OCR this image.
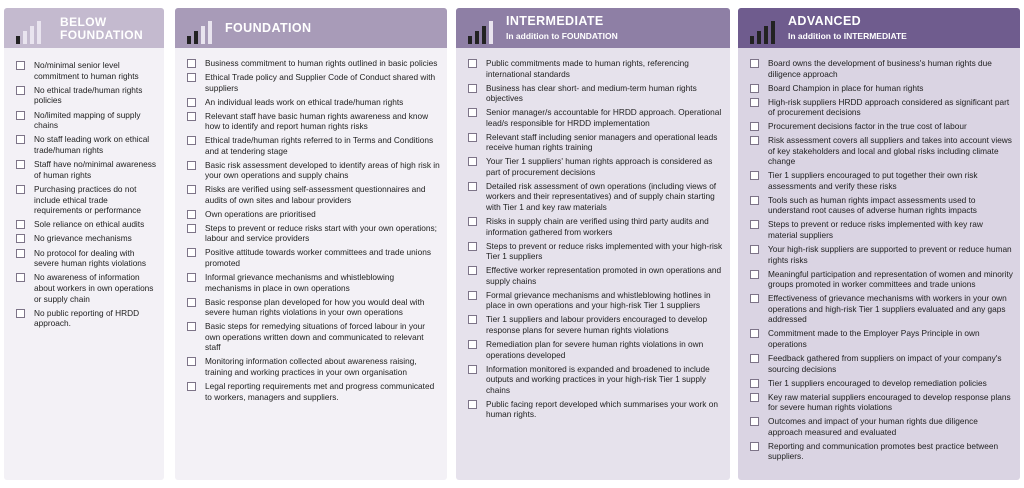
BELOW FOUNDATION
No/minimal senior level commitment to human rights
No ethical trade/human rights policies
No/limited mapping of supply chains
No staff leading work on ethical trade/human rights
Staff have no/minimal awareness of human rights
Purchasing practices do not include ethical trade requirements or performance
Sole reliance on ethical audits
No grievance mechanisms
No protocol for dealing with severe human rights violations
No awareness of information about workers in own operations or supply chain
No public reporting of HRDD approach.
FOUNDATION
Business commitment to human rights outlined in basic policies
Ethical Trade policy and Supplier Code of Conduct shared with suppliers
An individual leads work on ethical trade/human rights
Relevant staff have basic human rights awareness and know how to identify and report human rights risks
Ethical trade/human rights referred to in Terms and Conditions and at tendering stage
Basic risk assessment developed to identify areas of high risk in your own operations and supply chains
Risks are verified using self-assessment questionnaires and audits of own sites and labour providers
Own operations are prioritised
Steps to prevent or reduce risks start with your own operations; labour and service providers
Positive attitude towards worker committees and trade unions promoted
Informal grievance mechanisms and whistleblowing mechanisms in place in own operations
Basic response plan developed for how you would deal with severe human rights violations in your own operations
Basic steps for remedying situations of forced labour in your own operations written down and communicated to relevant staff
Monitoring information collected about awareness raising, training and working practices in your own organisation
Legal reporting requirements met and progress communicated to workers, managers and suppliers.
INTERMEDIATE
In addition to FOUNDATION
Public commitments made to human rights, referencing international standards
Business has clear short- and medium-term human rights objectives
Senior manager/s accountable for HRDD approach. Operational lead/s responsible for HRDD implementation
Relevant staff including senior managers and operational leads receive human rights training
Your Tier 1 suppliers' human rights approach is considered as part of procurement decisions
Detailed risk assessment of own operations (including views of workers and their representatives) and of supply chain starting with Tier 1 and key raw materials
Risks in supply chain are verified using third party audits and information gathered from workers
Steps to prevent or reduce risks implemented with your high-risk Tier 1 suppliers
Effective worker representation promoted in own operations and supply chains
Formal grievance mechanisms and whistleblowing hotlines in place in own operations and your high-risk Tier 1 suppliers
Tier 1 suppliers and labour providers encouraged to develop response plans for severe human rights violations
Remediation plan for severe human rights violations in own operations developed
Information monitored is expanded and broadened to include outputs and working practices in your high-risk Tier 1 supply chains
Public facing report developed which summarises your work on human rights.
ADVANCED
In addition to INTERMEDIATE
Board owns the development of business's human rights due diligence approach
Board Champion in place for human rights
High-risk suppliers HRDD approach considered as significant part of procurement decisions
Procurement decisions factor in the true cost of labour
Risk assessment covers all suppliers and takes into account views of key stakeholders and local and global risks including climate change
Tier 1 suppliers encouraged to put together their own risk assessments and verify these risks
Tools such as human rights impact assessments used to understand root causes of adverse human rights impacts
Steps to prevent or reduce risks implemented with key raw material suppliers
Your high-risk suppliers are supported to prevent or reduce human rights risks
Meaningful participation and representation of women and minority groups promoted in worker committees and trade unions
Effectiveness of grievance mechanisms with workers in your own operations and high-risk Tier 1 suppliers evaluated and any gaps addressed
Commitment made to the Employer Pays Principle in own operations
Feedback gathered from suppliers on impact of your company's sourcing decisions
Tier 1 suppliers encouraged to develop remediation policies
Key raw material suppliers encouraged to develop response plans for severe human rights violations
Outcomes and impact of your human rights due diligence approach measured and evaluated
Reporting and communication promotes best practice between suppliers.
